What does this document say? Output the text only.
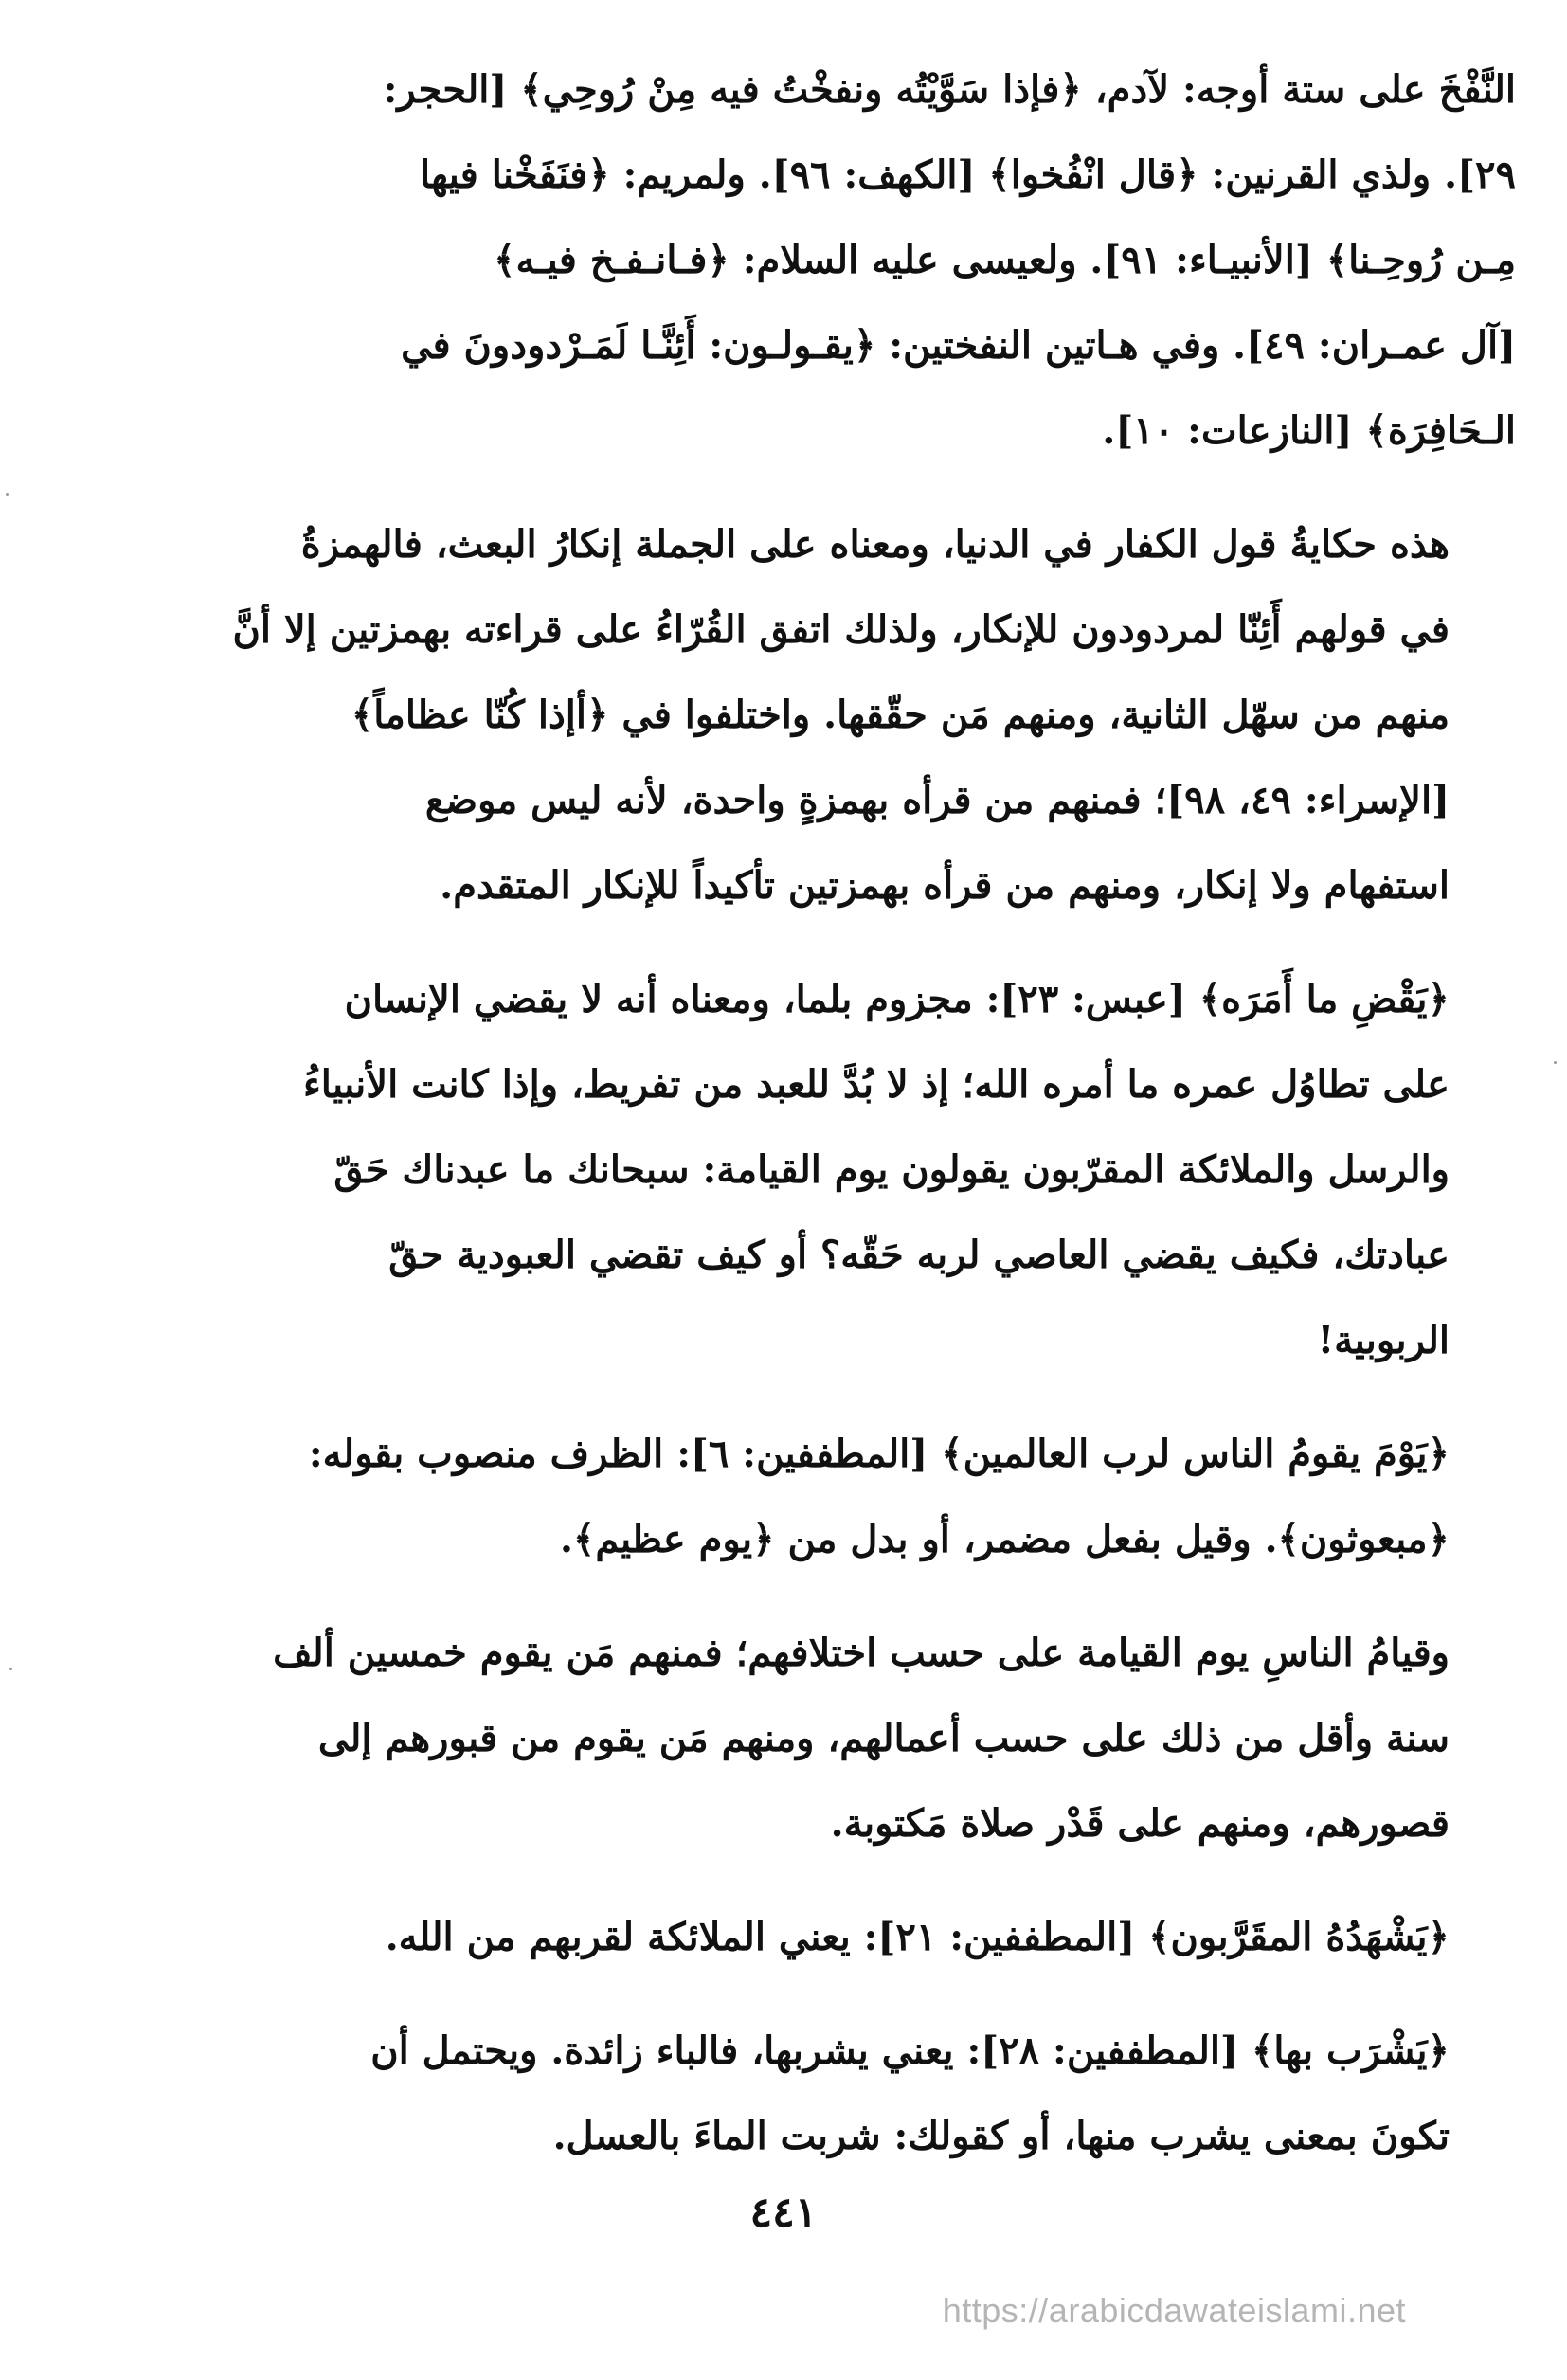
النَّفْخَ على ستة أوجه: لآدم، ﴿فإذا سَوَّيْتُه ونفخْتُ فيه مِنْ رُوحِي﴾ [الحجر:
٢٩]. ولذي القرنين: ﴿قال انْفُخوا﴾ [الكهف: ٩٦]. ولمريم: ﴿فنَفَخْنا فيها
مِـن رُوحِـنا﴾ [الأنبيـاء: ٩١]. ولعيسى عليه السلام: ﴿فـانـفـخ فيـه﴾
[آل عمـران: ٤٩]. وفي هـاتين النفختين: ﴿يقـولـون: أَئِنَّـا لَمَـرْدودونَ في
الـحَافِرَة﴾ [النازعات: ١٠].

هذه حكايةُ قول الكفار في الدنيا، ومعناه على الجملة إنكارُ البعث، فالهمزةُ
في قولهم أَئِنّا لمردودون للإنكار، ولذلك اتفق القُرّاءُ على قراءته بهمزتين إلا أنَّ
منهم من سهّل الثانية، ومنهم مَن حقّقها. واختلفوا في ﴿أإذا كُنّا عظاماً﴾
[الإسراء: ٤٩، ٩٨]؛ فمنهم من قرأه بهمزةٍ واحدة، لأنه ليس موضع
استفهام ولا إنكار، ومنهم من قرأه بهمزتين تأكيداً للإنكار المتقدم.

﴿يَقْضِ ما أَمَرَه﴾ [عبس: ٢٣]: مجزوم بلما، ومعناه أنه لا يقضي الإنسان
على تطاوُل عمره ما أمره الله؛ إذ لا بُدَّ للعبد من تفريط، وإذا كانت الأنبياءُ
والرسل والملائكة المقرّبون يقولون يوم القيامة: سبحانك ما عبدناك حَقّ
عبادتك، فكيف يقضي العاصي لربه حَقّه؟ أو كيف تقضي العبودية حقّ
الربوبية!

﴿يَوْمَ يقومُ الناس لرب العالمين﴾ [المطففين: ٦]: الظرف منصوب بقوله:
﴿مبعوثون﴾. وقيل بفعل مضمر، أو بدل من ﴿يوم عظيم﴾.

وقيامُ الناسِ يوم القيامة على حسب اختلافهم؛ فمنهم مَن يقوم خمسين ألف
سنة وأقل من ذلك على حسب أعمالهم، ومنهم مَن يقوم من قبورهم إلى
قصورهم، ومنهم على قَدْر صلاة مَكتوبة.

﴿يَشْهَدُهُ المقَرَّبون﴾ [المطففين: ٢١]: يعني الملائكة لقربهم من الله.

﴿يَشْرَب بها﴾ [المطففين: ٢٨]: يعني يشربها، فالباء زائدة. ويحتمل أن
تكونَ بمعنى يشرب منها، أو كقولك: شربت الماءَ بالعسل.

٤٤١
https://arabicdawateislami.net
